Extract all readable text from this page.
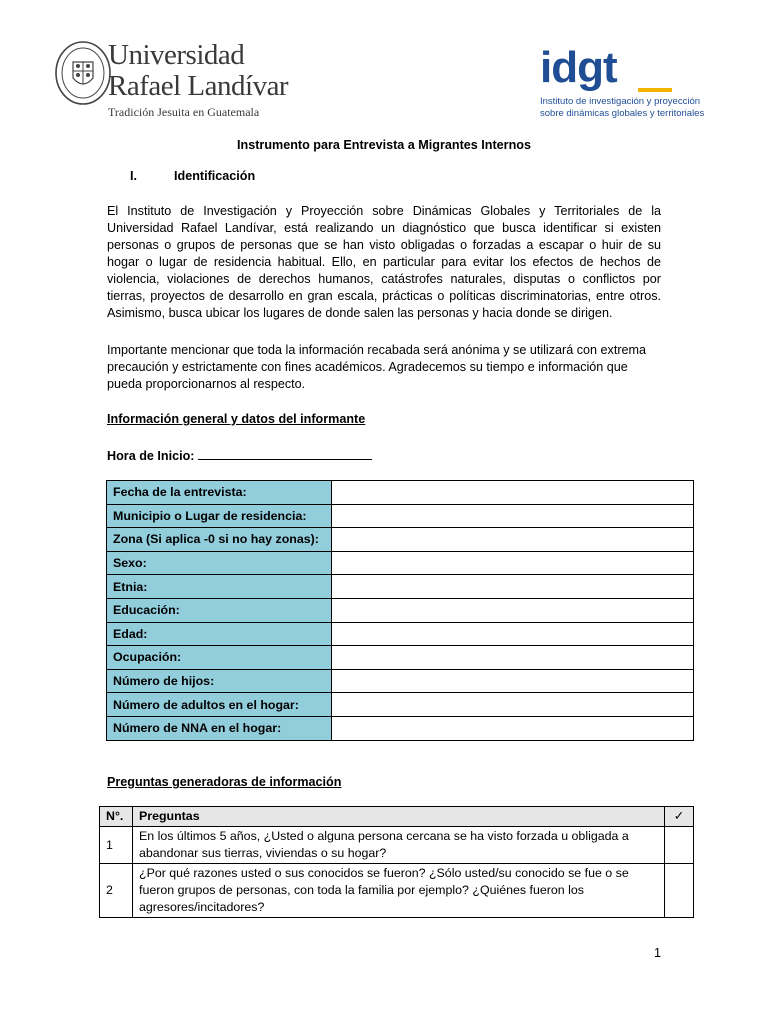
Universidad
Rafael Landívar
Tradición Jesuita en Guatemala
idgt
Instituto de investigación y proyección
sobre dinámicas globales y territoriales
Instrumento para Entrevista a Migrantes Internos
I.	Identificación
El Instituto de Investigación y Proyección sobre Dinámicas Globales y Territoriales de la Universidad Rafael Landívar, está realizando un diagnóstico que busca identificar si existen personas o grupos de personas que se han visto obligadas o forzadas a escapar o huir de su hogar o lugar de residencia habitual. Ello, en particular para evitar los efectos de hechos de violencia, violaciones de derechos humanos, catástrofes naturales, disputas o conflictos por tierras, proyectos de desarrollo en gran escala, prácticas o políticas discriminatorias, entre otros. Asimismo, busca ubicar los lugares de donde salen las personas y hacia donde se dirigen.
Importante mencionar que toda la información recabada será anónima y se utilizará con extrema precaución y estrictamente con fines académicos. Agradecemos su tiempo e información que pueda proporcionarnos al respecto.
Información general y datos del informante
Hora de Inicio:
Fecha de la entrevista:	
Municipio o Lugar de residencia:	
Zona (Si aplica -0 si no hay zonas):	
Sexo:	
Etnia:	
Educación:	
Edad:	
Ocupación:	
Número de hijos:	
Número de adultos en el hogar:	
Número de NNA en el hogar:	
Preguntas generadoras de información
N°.	Preguntas	✓
1	En los últimos 5 años, ¿Usted o alguna persona cercana se ha visto forzada u obligada a abandonar sus tierras, viviendas o su hogar?	
2	¿Por qué razones usted o sus conocidos se fueron? ¿Sólo usted/su conocido se fue o se fueron grupos de personas, con toda la familia por ejemplo? ¿Quiénes fueron los agresores/incitadores?	
1
